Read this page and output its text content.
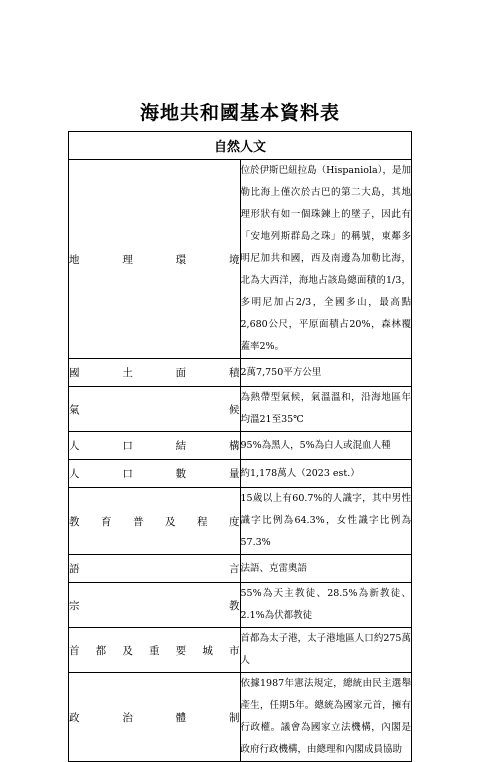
海地共和國基本資料表
自然人文	
地理環境	位於伊斯巴紐拉島（Hispaniola），是加勒比海上僅次於古巴的第二大島，其地理形狀有如一個珠鍊上的墜子，因此有「安地列斯群島之珠」的稱號，東鄰多明尼加共和國，西及南邊為加勒比海，北為大西洋，海地占該島總面積的1/3，多明尼加占2/3，全國多山，最高點2,680公尺，平原面積占20%，森林覆蓋率2%。
國土面積	2萬7,750平方公里
氣候	為熱帶型氣候，氣溫溫和，沿海地區年均溫21至35℃
人口結構	95%為黑人，5%為白人或混血人種
人口數量	約1,178萬人（2023 est.）
教育普及程度	15歲以上有60.7%的人識字，其中男性識字比例為64.3%，女性識字比例為57.3%
語言	法語、克雷奧語
宗教	55%為天主教徒、28.5%為新教徒、2.1%為伏都教徒
首都及重要城市	首都為太子港，太子港地區人口約275萬人
政治體制	依據1987年憲法規定，總統由民主選舉產生，任期5年。總統為國家元首，擁有行政權。議會為國家立法機構，內閣是政府行政機構，由總理和內閣成員協助
